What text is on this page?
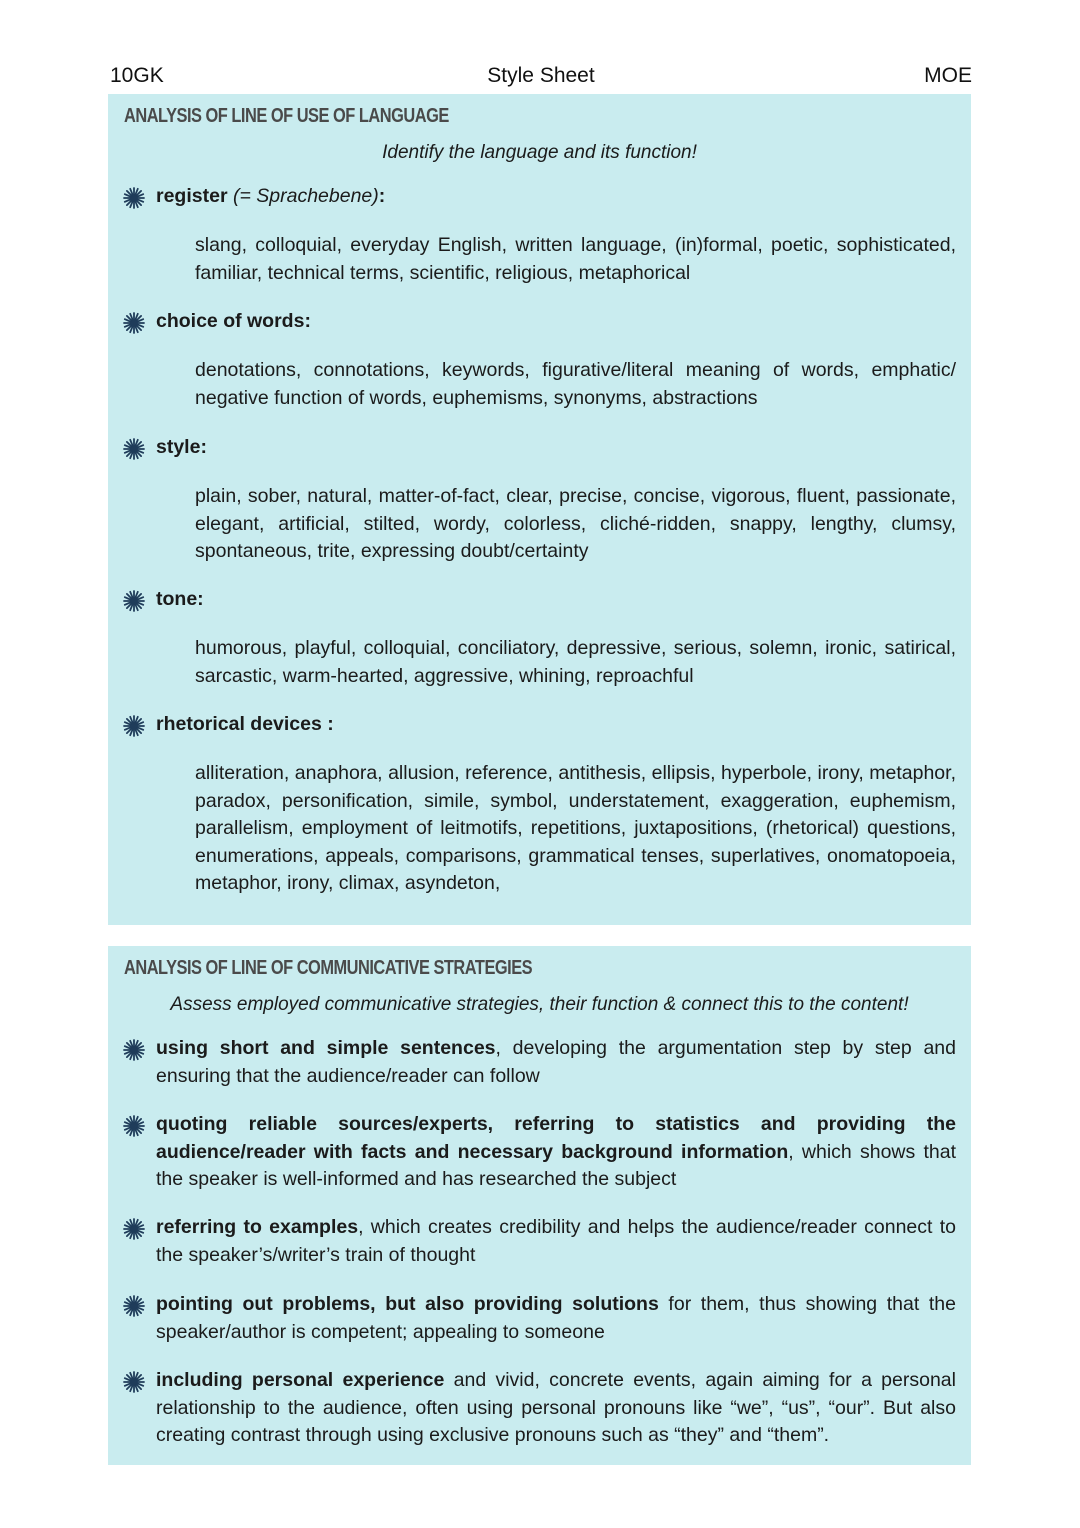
10GK	Style Sheet	MOE
ANALYSIS OF LINE OF USE OF LANGUAGE
Identify the language and its function!
register (= Sprachebene):
slang, colloquial, everyday English, written language, (in)formal, poetic, sophisticated, familiar, technical terms, scientific, religious, metaphorical
choice of words:
denotations, connotations, keywords, figurative/literal meaning of words, emphatic/ negative function of words, euphemisms, synonyms, abstractions
style:
plain, sober, natural, matter-of-fact, clear, precise, concise, vigorous, fluent, passionate, elegant, artificial, stilted, wordy, colorless, cliché-ridden, snappy, lengthy, clumsy, spontaneous, trite, expressing doubt/certainty
tone:
humorous, playful, colloquial, conciliatory, depressive, serious, solemn, ironic, satirical, sarcastic, warm-hearted, aggressive, whining, reproachful
rhetorical devices :
alliteration, anaphora, allusion, reference, antithesis, ellipsis, hyperbole, irony, metaphor, paradox, personification, simile, symbol, understatement, exaggeration, euphemism, parallelism, employment of leitmotifs, repetitions, juxtapositions, (rhetorical) questions, enumerations, appeals, comparisons, grammatical tenses, superlatives, onomatopoeia, metaphor, irony, climax, asyndeton,
ANALYSIS OF LINE OF COMMUNICATIVE STRATEGIES
Assess employed communicative strategies, their function & connect this to the content!
using short and simple sentences, developing the argumentation step by step and ensuring that the audience/reader can follow
quoting reliable sources/experts, referring to statistics and providing the audience/reader with facts and necessary background information, which shows that the speaker is well-informed and has researched the subject
referring to examples, which creates credibility and helps the audience/reader connect to the speaker’s/writer’s train of thought
pointing out problems, but also providing solutions for them, thus showing that the speaker/author is competent; appealing to someone
including personal experience and vivid, concrete events, again aiming for a personal relationship to the audience, often using personal pronouns like “we”, “us”, “our”. But also creating contrast through using exclusive pronouns such as “they” and “them”.
